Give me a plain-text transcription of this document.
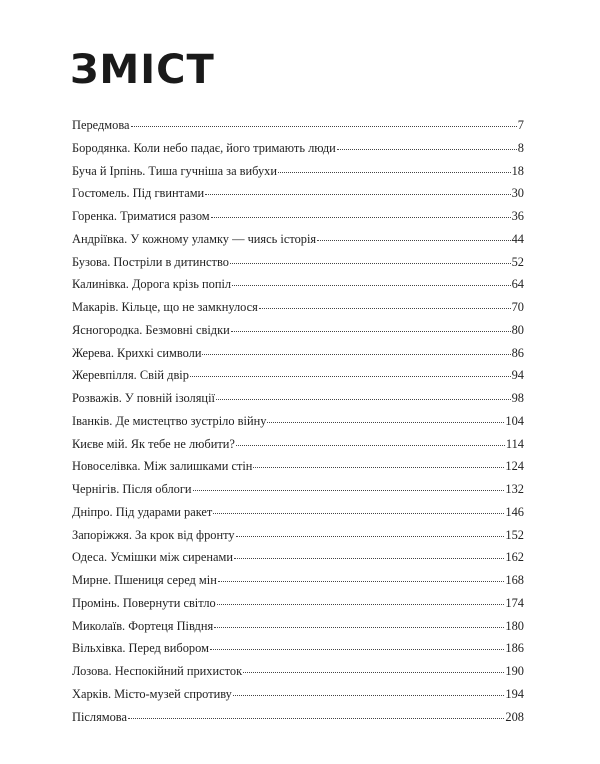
ЗМІСТ
Передмова	7
Бородянка. Коли небо падає, його тримають люди	8
Буча й Ірпінь. Тиша гучніша за вибухи	18
Гостомель. Під гвинтами	30
Горенка. Триматися разом	36
Андріївка. У кожному уламку — чиясь історія	44
Бузова. Постріли в дитинство	52
Калинівка. Дорога крізь попіл	64
Макарів. Кільце, що не замкнулося	70
Ясногородка. Безмовні свідки	80
Жерева. Крихкі символи	86
Жеревпілля. Свій двір	94
Розважів. У повній ізоляції	98
Іванків. Де мистецтво зустріло війну	104
Києве мій. Як тебе не любити?	114
Новоселівка. Між залишками стін	124
Чернігів. Після облоги	132
Дніпро. Під ударами ракет	146
Запоріжжя. За крок від фронту	152
Одеса. Усмішки між сиренами	162
Мирне. Пшениця серед мін	168
Промінь. Повернути світло	174
Миколаїв. Фортеця Півдня	180
Вільхівка. Перед вибором	186
Лозова. Неспокійний прихисток	190
Харків. Місто-музей спротиву	194
Післямова	208
